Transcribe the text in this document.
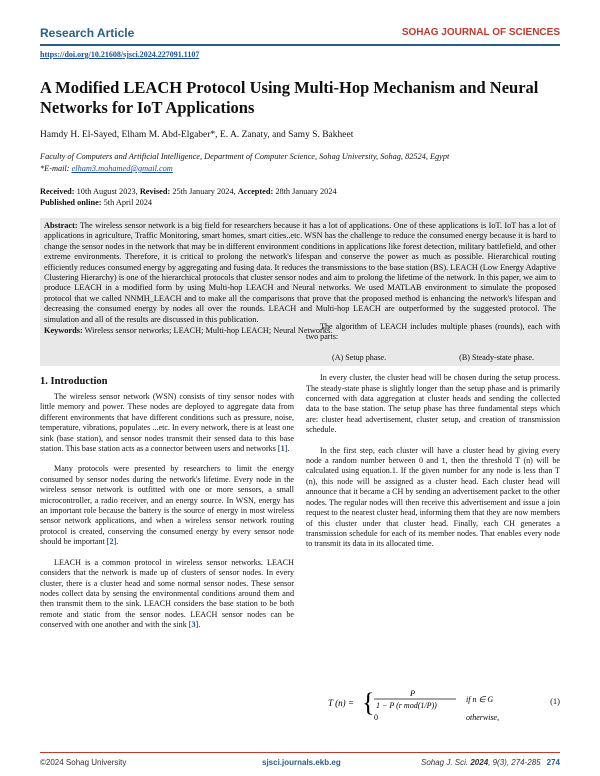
Research Article	SOHAG JOURNAL OF SCIENCES
https://doi.org/10.21608/sjsci.2024.227091.1107
A Modified LEACH Protocol Using Multi-Hop Mechanism and Neural Networks for IoT Applications
Hamdy H. El-Sayed, Elham M. Abd-Elgaber*, E. A. Zanaty, and Samy S. Bakheet
Faculty of Computers and Artificial Intelligence, Department of Computer Science, Sohag University, Sohag, 82524, Egypt
*E-mail: elham3.mohamed@gmail.com
Received: 10th August 2023, Revised: 25th January 2024, Accepted: 28th January 2024
Published online: 5th April 2024
Abstract: The wireless sensor network is a big field for researchers because it has a lot of applications. One of these applications is IoT. IoT has a lot of applications in agriculture, Traffic Monitoring, smart homes, smart cities..etc. WSN has the challenge to reduce the consumed energy because it is hard to change the sensor nodes in the network that may be in different environment conditions in applications like forest detection, military battlefield, and other extreme environments. Therefore, it is critical to prolong the network's lifespan and conserve the power as much as possible. Hierarchical routing efficiently reduces consumed energy by aggregating and fusing data. It reduces the transmissions to the base station (BS). LEACH (Low Energy Adaptive Clustering Hierarchy) is one of the hierarchical protocols that cluster sensor nodes and aim to prolong the lifetime of the network. In this paper, we aim to produce LEACH in a modified form by using Multi-hop LEACH and Neural networks. We used MATLAB environment to simulate the proposed protocol that we called NNMH_LEACH and to make all the comparisons that prove that the proposed method is enhancing the network's lifespan and decreasing the consumed energy by nodes all over the rounds. LEACH and Multi-hop LEACH are outperformed by the suggested protocol. The simulation and all of the results are discussed in this publication.
Keywords: Wireless sensor networks; LEACH; Multi-hop LEACH; Neural Networks.
1. Introduction

The wireless sensor network (WSN) consists of tiny sensor nodes with little memory and power. These nodes are deployed to aggregate data from different environments that have different conditions such as pressure, noise, temperature, vibrations, populates ...etc. In every network, there is at least one sink (base station), and sensor nodes transmit their sensed data to this base station. This base station acts as a connector between users and networks [1].

Many protocols were presented by researchers to limit the energy consumed by sensor nodes during the network's lifetime. Every node in the wireless sensor network is outfitted with one or more sensors, a small microcontroller, a radio receiver, and an energy source. In WSN, energy has an important role because the battery is the source of energy in most wireless sensor network applications, and when a wireless sensor network routing protocol is created, conserving the consumed energy by every sensor node should be important [2].

LEACH is a common protocol in wireless sensor networks. LEACH considers that the network is made up of clusters of sensor nodes. In every cluster, there is a cluster head and some normal sensor nodes. These sensor nodes collect data by sensing the environmental conditions around them and then transmit them to the sink. LEACH considers the base station to be both remote and static from the sensor nodes. LEACH sensor nodes can be conserved with one another and with the sink [3].

The algorithm of LEACH includes multiple phases (rounds), each with two parts:

(A) Setup phase.	(B) Steady-state phase.

In every cluster, the cluster head will be chosen during the setup process. The steady-state phase is slightly longer than the setup phase and is primarily concerned with data aggregation at cluster heads and sending the collected data to the base station. The setup phase has three fundamental steps which are: cluster head advertisement, cluster setup, and creation of transmission schedule.

In the first step, each cluster will have a cluster head by giving every node a random number between 0 and 1, then the threshold T (n) will be calculated using equation.1. If the given number for any node is less than T (n), this node will be assigned as a cluster head. Each cluster head will announce that it became a CH by sending an advertisement packet to the other nodes. The regular nodes will then receive this advertisement and issue a join request to the nearest cluster head, informing them that they are now members of this cluster under that cluster head. Finally, each CH generates a transmission schedule for each of its member nodes. That enables every node to transmit its data in its allocated time.

T (n) = {	P
1 − P (r mod(1/P))
if n ∈ G
0	otherwise,
(1)
©2024 Sohag University	sjsci.journals.ekb.eg	Sohag J. Sci. 2024, 9(3), 274-285 274
